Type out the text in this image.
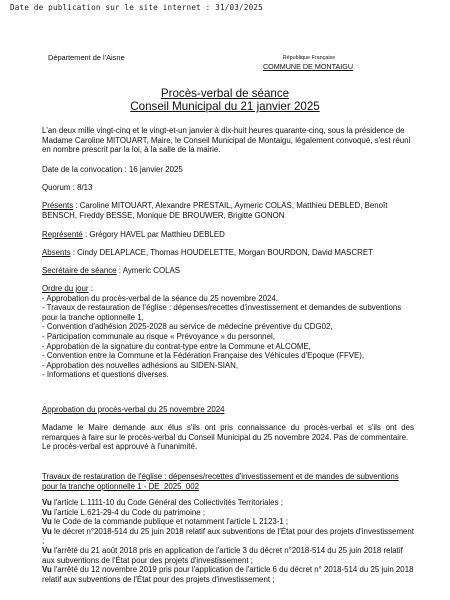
Date de publication sur le site internet : 31/03/2025
Département de l'Aisne	République Française
COMMUNE DE MONTAIGU
Procès-verbal de séance
Conseil Municipal du 21 janvier 2025

L'an deux mille vingt-cinq et le vingt-et-un janvier à dix-huit heures quarante-cinq, sous la présidence de Madame Caroline MITOUART, Maire, le Conseil Municipal de Montaigu, légalement convoqué, s'est réuni en nombre prescrit par la loi, à la salle de la mairie.

Date de la convocation : 16 janvier 2025

Quorum : 8/13

Présents : Caroline MITOUART, Alexandre PRESTAIL, Aymeric COLAS, Matthieu DEBLED, Benoît BENSCH, Freddy BESSE, Monique DE BROUWER, Brigitte GONON

Représenté : Grégory HAVEL par Matthieu DEBLED

Absents : Cindy DELAPLACE, Thomas HOUDELETTE, Morgan BOURDON, David MASCRET

Secrétaire de séance : Aymeric COLAS

Ordre du jour :

- Approbation du procès-verbal de la séance du 25 novembre 2024,
- Travaux de restauration de l'église : dépenses/recettes d'investissement et demandes de subventions pour la tranche optionnelle 1,
- Convention d'adhésion 2025-2028 au service de médecine préventive du CDG02,
- Participation communale au risque « Prévoyance » du personnel,
- Approbation de la signature du contrat-type entre la Commune et ALCOME,
- Convention entre la Commune et la Fédération Française des Véhicules d'Epoque (FFVE),
- Approbation des nouvelles adhésions au SIDEN-SIAN,
- Informations et questions diverses.

Approbation du procès-verbal du 25 novembre 2024

Madame le Maire demande aux élus s'ils ont pris connaissance du procès-verbal et s'ils ont des remarques à faire sur le procès-verbal du Conseil Municipal du 25 novembre 2024. Pas de commentaire.

Le procès-verbal est approuvé à l'unanimité.

Travaux de restauration de l'église : dépenses/recettes d'investissement et de mandes de subventions pour la tranche optionnelle 1 - DE_2025_002

Vu l'article L.1111-10 du Code Général des Collectivités Territoriales ;

Vu l'article L.621-29-4 du Code du patrimoine ;

Vu le Code de la commande publique et notamment l'article L 2123-1 ;

Vu le décret n°2018-514 du 25 juin 2018 relatif aux subventions de l'État pour des projets d'investissement ;

Vu l'arrêté du 21 août 2018 pris en application de l'article 3 du décret n°2018-514 du 25 juin 2018 relatif aux subventions de l'État pour des projets d'investissement ;

Vu l'arrêté du 12 novembre 2019 pris pour l'application de l'article 6 du décret n° 2018-514 du 25 juin 2018 relatif aux subventions de l'État pour des projets d'investissement ;
